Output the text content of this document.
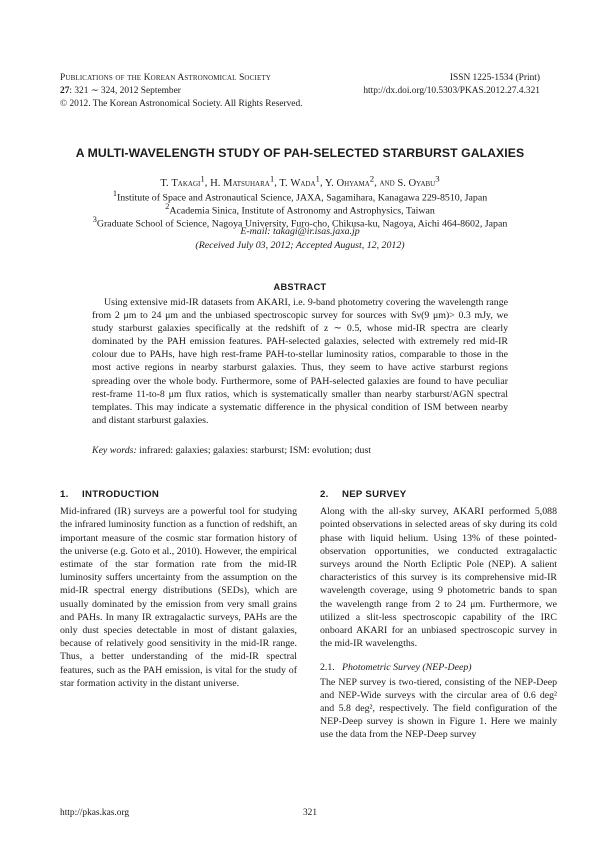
Publications of the Korean Astronomical Society
27: 321 ∼ 324, 2012 September
© 2012. The Korean Astronomical Society. All Rights Reserved.
ISSN 1225-1534 (Print)
http://dx.doi.org/10.5303/PKAS.2012.27.4.321
A MULTI-WAVELENGTH STUDY OF PAH-SELECTED STARBURST GALAXIES
T. Takagi$^1$, H. Matsuhara$^1$, T. Wada$^1$, Y. Ohyama$^2$, and S. Oyabu$^3$
$^1$Institute of Space and Astronautical Science, JAXA, Sagamihara, Kanagawa 229-8510, Japan
$^2$Academia Sinica, Institute of Astronomy and Astrophysics, Taiwan
$^3$Graduate School of Science, Nagoya University, Furo-cho, Chikusa-ku, Nagoya, Aichi 464-8602, Japan
E-mail: takagi@ir.isas.jaxa.jp
(Received July 03, 2012; Accepted August, 12, 2012)
ABSTRACT
Using extensive mid-IR datasets from AKARI, i.e. 9-band photometry covering the wavelength range from 2 μm to 24 μm and the unbiased spectroscopic survey for sources with Sν(9 μm)> 0.3 mJy, we study starburst galaxies specifically at the redshift of z ∼ 0.5, whose mid-IR spectra are clearly dominated by the PAH emission features. PAH-selected galaxies, selected with extremely red mid-IR colour due to PAHs, have high rest-frame PAH-to-stellar luminosity ratios, comparable to those in the most active regions in nearby starburst galaxies. Thus, they seem to have active starburst regions spreading over the whole body. Furthermore, some of PAH-selected galaxies are found to have peculiar rest-frame 11-to-8 μm flux ratios, which is systematically smaller than nearby starburst/AGN spectral templates. This may indicate a systematic difference in the physical condition of ISM between nearby and distant starburst galaxies.
Key words: infrared: galaxies; galaxies: starburst; ISM: evolution; dust
1. INTRODUCTION
Mid-infrared (IR) surveys are a powerful tool for studying the infrared luminosity function as a function of redshift, an important measure of the cosmic star formation history of the universe (e.g. Goto et al., 2010). However, the empirical estimate of the star formation rate from the mid-IR luminosity suffers uncertainty from the assumption on the mid-IR spectral energy distributions (SEDs), which are usually dominated by the emission from very small grains and PAHs. In many IR extragalactic surveys, PAHs are the only dust species detectable in most of distant galaxies, because of relatively good sensitivity in the mid-IR range. Thus, a better understanding of the mid-IR spectral features, such as the PAH emission, is vital for the study of star formation activity in the distant universe.
2. NEP SURVEY
Along with the all-sky survey, AKARI performed 5,088 pointed observations in selected areas of sky during its cold phase with liquid helium. Using 13% of these pointed-observation opportunities, we conducted extragalactic surveys around the North Ecliptic Pole (NEP). A salient characteristics of this survey is its comprehensive mid-IR wavelength coverage, using 9 photometric bands to span the wavelength range from 2 to 24 μm. Furthermore, we utilized a slit-less spectroscopic capability of the IRC onboard AKARI for an unbiased spectroscopic survey in the mid-IR wavelengths.
2.1. Photometric Survey (NEP-Deep)
The NEP survey is two-tiered, consisting of the NEP-Deep and NEP-Wide surveys with the circular area of 0.6 deg² and 5.8 deg², respectively. The field configuration of the NEP-Deep survey is shown in Figure 1. Here we mainly use the data from the NEP-Deep survey
http://pkas.kas.org	321
